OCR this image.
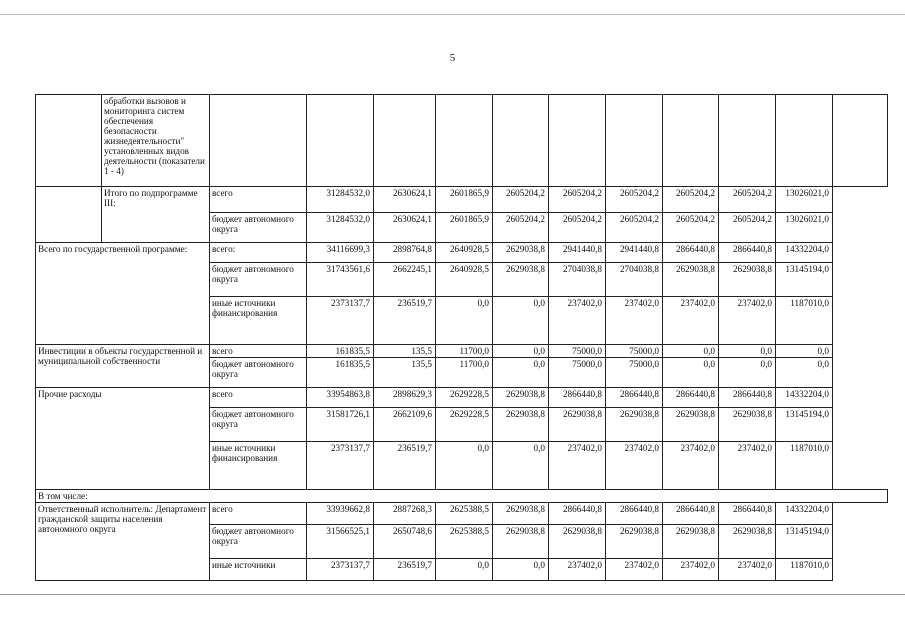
5
	обработки вызовов и мониторинга систем обеспечения безопасности жизнедеятельности" установленных видов деятельности (показатели 1 - 4)											
	Итого по подпрограмме III:	всего	31284532,0	2630624,1	2601865,9	2605204,2	2605204,2	2605204,2	2605204,2	2605204,2	13026021,0	
		бюджет автономного округа	31284532,0	2630624,1	2601865,9	2605204,2	2605204,2	2605204,2	2605204,2	2605204,2	13026021,0	
Всего по государственной программе:		всего:	34116699,3	2898764,8	2640928,5	2629038,8	2941440,8	2941440,8	2866440,8	2866440,8	14332204,0	
		бюджет автономного округа	31743561,6	2662245,1	2640928,5	2629038,8	2704038,8	2704038,8	2629038,8	2629038,8	13145194,0	
		иные источники финансирования	2373137,7	236519,7	0,0	0,0	237402,0	237402,0	237402,0	237402,0	1187010,0	
Инвестиции в объекты государственной и муниципальной собственности		всего	161835,5	135,5	11700,0	0,0	75000,0	75000,0	0,0	0,0	0,0	
		бюджет автономного округа	161835,5	135,5	11700,0	0,0	75000,0	75000,0	0,0	0,0	0,0	
Прочие расходы		всего	33954863,8	2898629,3	2629228,5	2629038,8	2866440,8	2866440,8	2866440,8	2866440,8	14332204,0	
		бюджет автономного округа	31581726,1	2662109,6	2629228,5	2629038,8	2629038,8	2629038,8	2629038,8	2629038,8	13145194,0	
		иные источники финансирования	2373137,7	236519,7	0,0	0,0	237402,0	237402,0	237402,0	237402,0	1187010,0	
В том числе:												
Ответственный исполнитель: Департамент гражданской защиты населения автономного округа		всего	33939662,8	2887268,3	2625388,5	2629038,8	2866440,8	2866440,8	2866440,8	2866440,8	14332204,0	
		бюджет автономного округа	31566525,1	2650748,6	2625388,5	2629038,8	2629038,8	2629038,8	2629038,8	2629038,8	13145194,0	
		иные источники	2373137,7	236519,7	0,0	0,0	237402,0	237402,0	237402,0	237402,0	1187010,0	
